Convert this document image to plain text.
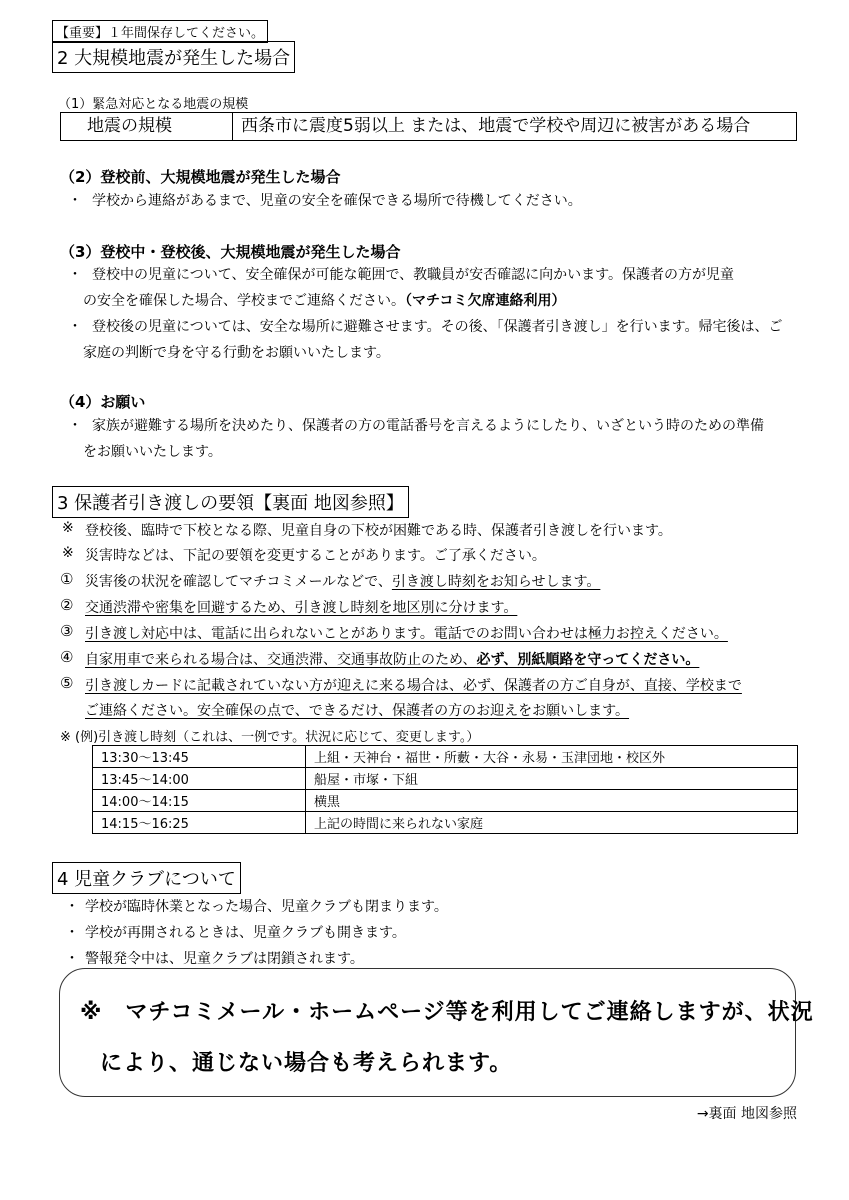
【重要】１年間保存してください。
2 大規模地震が発生した場合
（1）緊急対応となる地震の規模
地震の規模	西条市に震度5弱以上 または、地震で学校や周辺に被害がある場合
（2）登校前、大規模地震が発生した場合
・ 学校から連絡があるまで、児童の安全を確保できる場所で待機してください。
（3）登校中・登校後、大規模地震が発生した場合
・ 登校中の児童について、安全確保が可能な範囲で、教職員が安否確認に向かいます。保護者の方が児童
の安全を確保した場合、学校までご連絡ください。（マチコミ欠席連絡利用）
・ 登校後の児童については、安全な場所に避難させます。その後、「保護者引き渡し」を行います。帰宅後は、ご
家庭の判断で身を守る行動をお願いいたします。
（4）お願い
・ 家族が避難する場所を決めたり、保護者の方の電話番号を言えるようにしたり、いざという時のための準備
をお願いいたします。
3 保護者引き渡しの要領【裏面 地図参照】
※ 登校後、臨時で下校となる際、児童自身の下校が困難である時、保護者引き渡しを行います。
※ 災害時などは、下記の要領を変更することがあります。ご了承ください。
① 災害後の状況を確認してマチコミメールなどで、引き渡し時刻をお知らせします。
② 交通渋滞や密集を回避するため、引き渡し時刻を地区別に分けます。
③ 引き渡し対応中は、電話に出られないことがあります。電話でのお問い合わせは極力お控えください。
④ 自家用車で来られる場合は、交通渋滞、交通事故防止のため、必ず、別紙順路を守ってください。
⑤ 引き渡しカードに記載されていない方が迎えに来る場合は、必ず、保護者の方ご自身が、直接、学校まで
ご連絡ください。安全確保の点で、できるだけ、保護者の方のお迎えをお願いします。
※ (例)引き渡し時刻（これは、一例です。状況に応じて、変更します。）
13:30～13:45	上組・天神台・福世・所藪・大谷・永易・玉津団地・校区外
13:45～14:00	船屋・市塚・下組
14:00～14:15	横黒
14:15～16:25	上記の時間に来られない家庭
4 児童クラブについて
・ 学校が臨時休業となった場合、児童クラブも閉まります。
・ 学校が再開されるときは、児童クラブも開きます。
・ 警報発令中は、児童クラブは閉鎖されます。
※　マチコミメール・ホームページ等を利用してご連絡しますが、状況
により、通じない場合も考えられます。
→裏面 地図参照
